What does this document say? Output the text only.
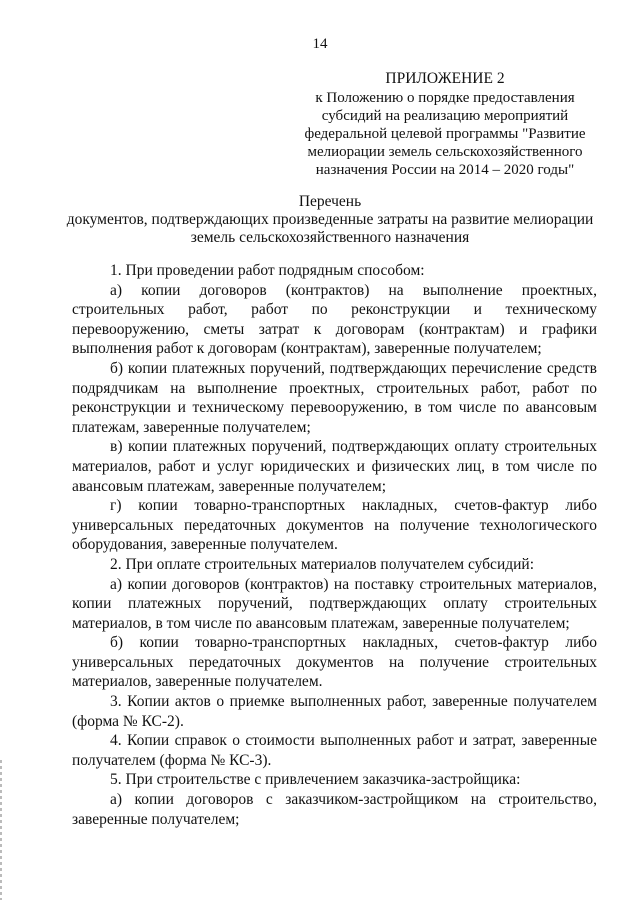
14
ПРИЛОЖЕНИЕ 2
к Положению о порядке предоставления субсидий на реализацию мероприятий федеральной целевой программы "Развитие мелиорации земель сельскохозяйственного назначения России на 2014 – 2020 годы"
Перечень
документов, подтверждающих произведенные затраты на развитие мелиорации земель сельскохозяйственного назначения

1. При проведении работ подрядным способом:

а) копии договоров (контрактов) на выполнение проектных, строительных работ, работ по реконструкции и техническому перевооружению, сметы затрат к договорам (контрактам) и графики выполнения работ к договорам (контрактам), заверенные получателем;

б) копии платежных поручений, подтверждающих перечисление средств подрядчикам на выполнение проектных, строительных работ, работ по реконструкции и техническому перевооружению, в том числе по авансовым платежам, заверенные получателем;

в) копии платежных поручений, подтверждающих оплату строительных материалов, работ и услуг юридических и физических лиц, в том числе по авансовым платежам, заверенные получателем;

г) копии товарно-транспортных накладных, счетов-фактур либо универсальных передаточных документов на получение технологического оборудования, заверенные получателем.

2. При оплате строительных материалов получателем субсидий:

а) копии договоров (контрактов) на поставку строительных материалов, копии платежных поручений, подтверждающих оплату строительных материалов, в том числе по авансовым платежам, заверенные получателем;

б) копии товарно-транспортных накладных, счетов-фактур либо универсальных передаточных документов на получение строительных материалов, заверенные получателем.

3. Копии актов о приемке выполненных работ, заверенные получателем (форма № КС-2).

4. Копии справок о стоимости выполненных работ и затрат, заверенные получателем (форма № КС-3).

5. При строительстве с привлечением заказчика-застройщика:

а) копии договоров с заказчиком-застройщиком на строительство, заверенные получателем;
